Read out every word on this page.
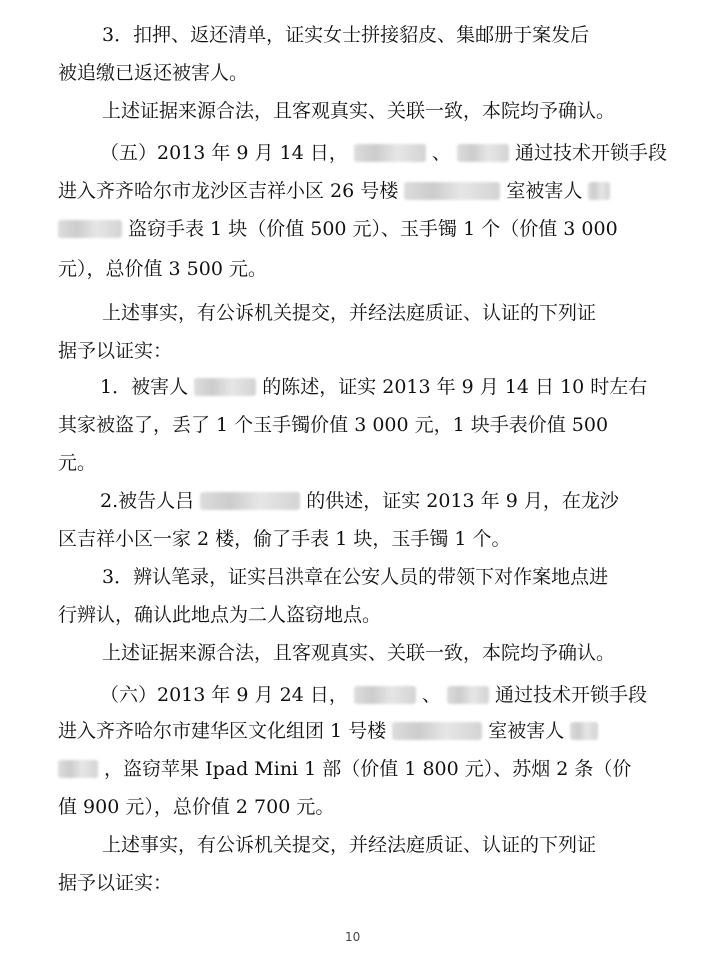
3．扣押、返还清单，证实女士拼接貂皮、集邮册于案发后
被追缴已返还被害人。
上述证据来源合法，且客观真实、关联一致，本院均予确认。
（五）2013 年 9 月 14 日，	、	通过技术开锁手段
进入齐齐哈尔市龙沙区吉祥小区 26 号楼	室被害人
盗窃手表 1 块（价值 500 元）、玉手镯 1 个（价值 3 000
元），总价值 3 500 元。
上述事实，有公诉机关提交，并经法庭质证、认证的下列证
据予以证实：
1．被害人	的陈述，证实 2013 年 9 月 14 日 10 时左右
其家被盗了，丢了 1 个玉手镯价值 3 000 元，1 块手表价值 500
元。
2.被告人吕	的供述，证实 2013 年 9 月，在龙沙
区吉祥小区一家 2 楼，偷了手表 1 块，玉手镯 1 个。
3．辨认笔录，证实吕洪章在公安人员的带领下对作案地点进
行辨认，确认此地点为二人盗窃地点。
上述证据来源合法，且客观真实、关联一致，本院均予确认。
（六）2013 年 9 月 24 日，	、	通过技术开锁手段
进入齐齐哈尔市建华区文化组团 1 号楼	室被害人
，盗窃苹果 Ipad Mini 1 部（价值 1 800 元）、苏烟 2 条（价
值 900 元），总价值 2 700 元。
上述事实，有公诉机关提交，并经法庭质证、认证的下列证
据予以证实：
10
